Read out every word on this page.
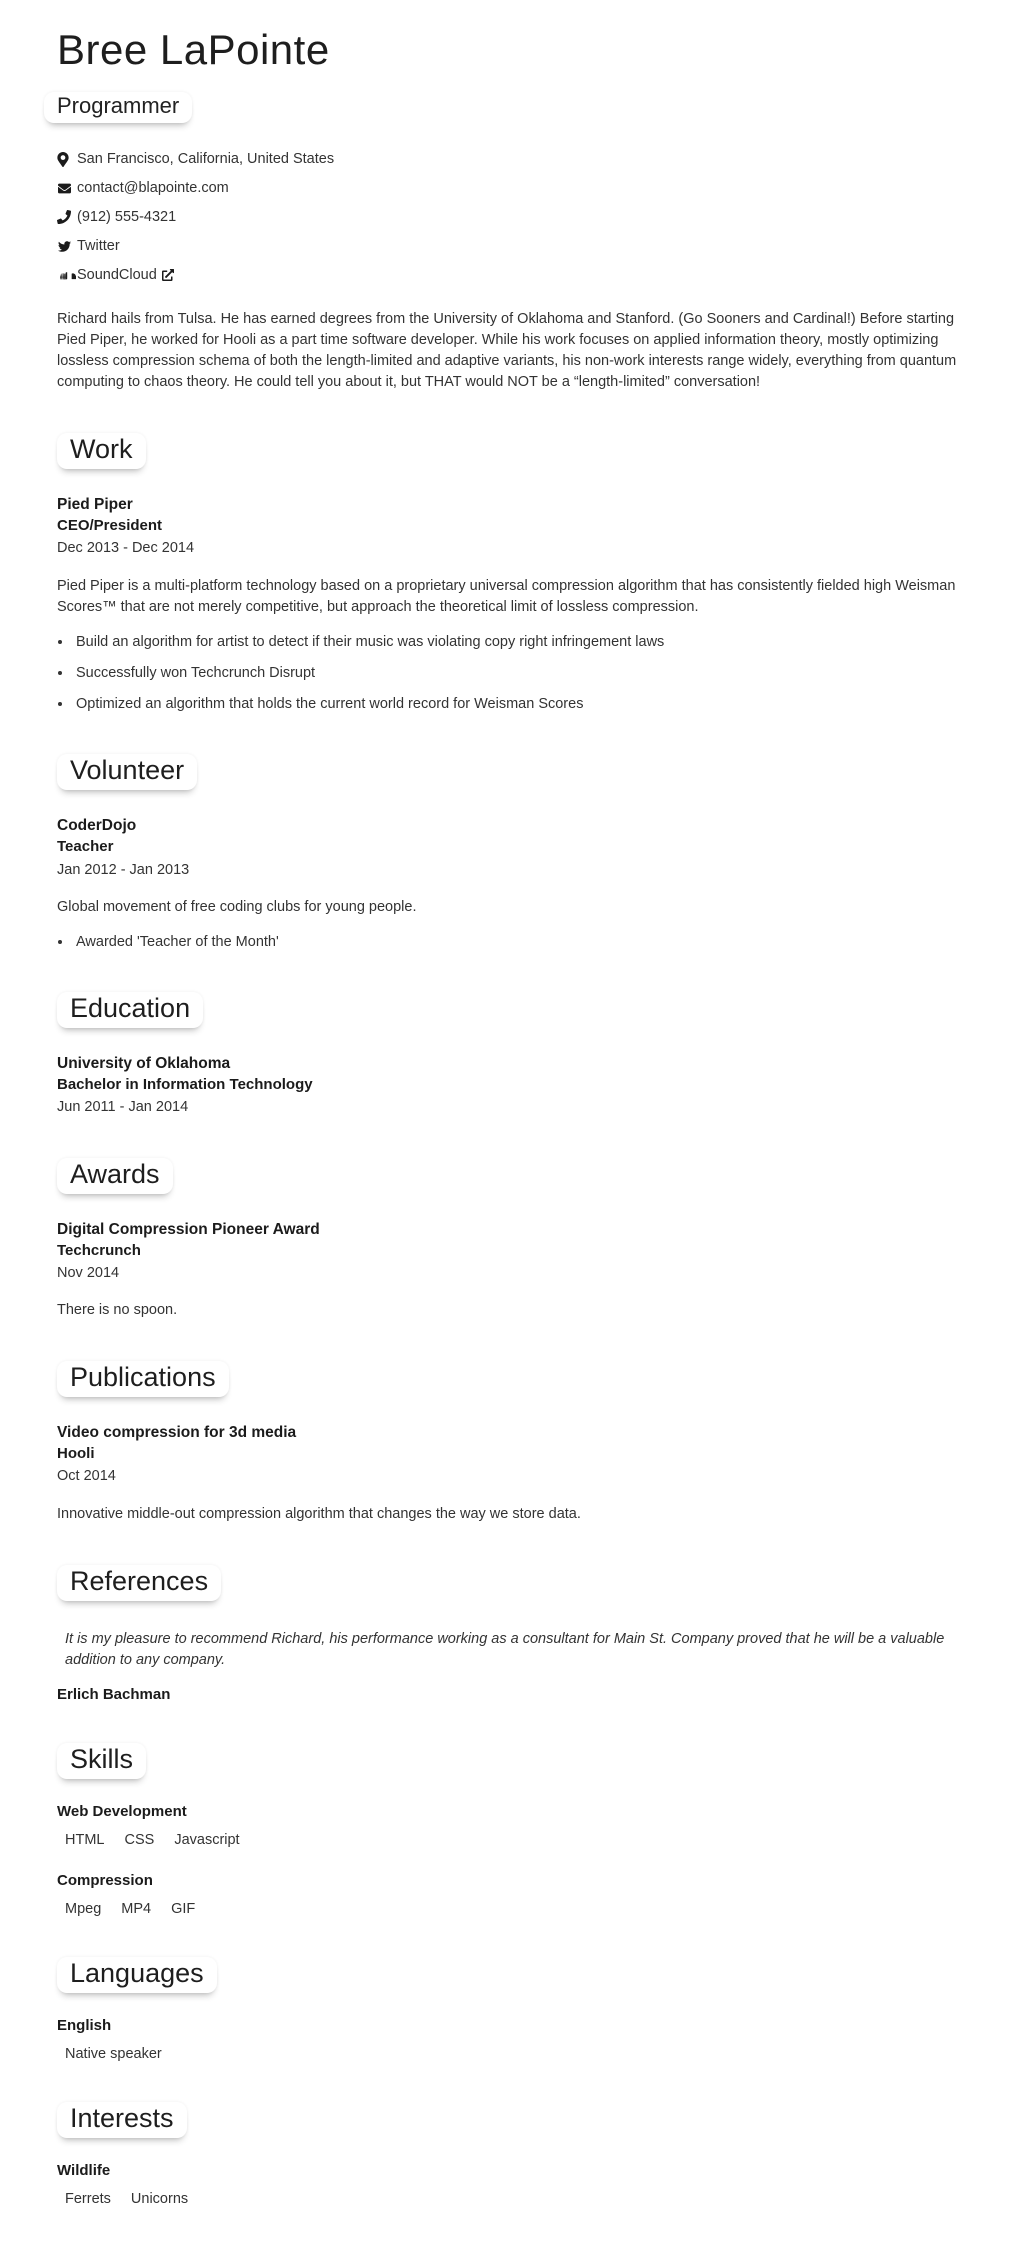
Bree LaPointe
Programmer
San Francisco, California, United States
contact@blapointe.com
(912) 555-4321
Twitter
SoundCloud

Richard hails from Tulsa. He has earned degrees from the University of Oklahoma and Stanford. (Go Sooners and Cardinal!) Before starting Pied Piper, he worked for Hooli as a part time software developer. While his work focuses on applied information theory, mostly optimizing lossless compression schema of both the length-limited and adaptive variants, his non-work interests range widely, everything from quantum computing to chaos theory. He could tell you about it, but THAT would NOT be a “length-limited” conversation!

Work
Pied Piper
CEO/President
Dec 2013 - Dec 2014

Pied Piper is a multi-platform technology based on a proprietary universal compression algorithm that has consistently fielded high Weisman Scores™ that are not merely competitive, but approach the theoretical limit of lossless compression.

• Build an algorithm for artist to detect if their music was violating copy right infringement laws
• Successfully won Techcrunch Disrupt
• Optimized an algorithm that holds the current world record for Weisman Scores
Volunteer
CoderDojo
Teacher
Jan 2012 - Jan 2013

Global movement of free coding clubs for young people.

• Awarded 'Teacher of the Month'
Education
University of Oklahoma
Bachelor in Information Technology
Jun 2011 - Jan 2014
Awards
Digital Compression Pioneer Award
Techcrunch
Nov 2014

There is no spoon.

Publications
Video compression for 3d media
Hooli
Oct 2014

Innovative middle-out compression algorithm that changes the way we store data.

References
It is my pleasure to recommend Richard, his performance working as a consultant for Main St. Company proved that he will be a valuable addition to any company.
Erlich Bachman
Skills
Web Development
HTML CSS Javascript
Compression
Mpeg MP4 GIF
Languages
English
Native speaker
Interests
Wildlife
Ferrets Unicorns
